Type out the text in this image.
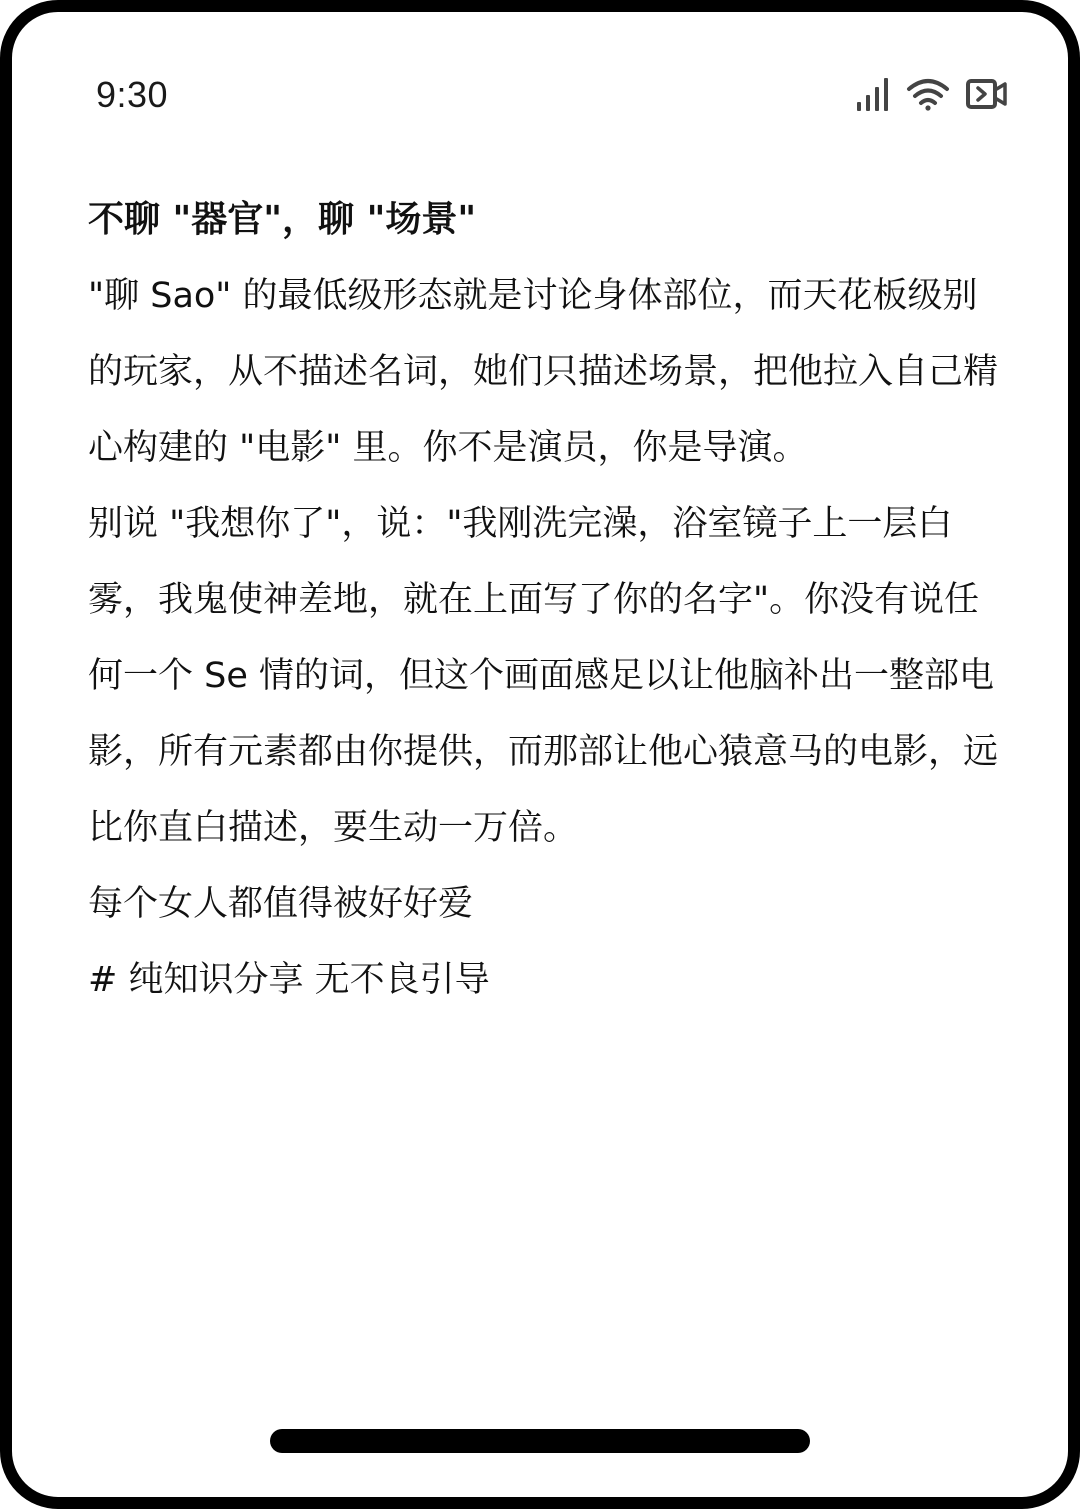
9:30

不聊 "器官"，聊 "场景"

"聊 Sao" 的最低级形态就是讨论身体部位，而天花板级别的玩家，从不描述名词，她们只描述场景，把他拉入自己精心构建的 "电影" 里。你不是演员，你是导演。

别说 "我想你了"，说："我刚洗完澡，浴室镜子上一层白雾，我鬼使神差地，就在上面写了你的名字"。你没有说任何一个 Se 情的词，但这个画面感足以让他脑补出一整部电影，所有元素都由你提供，而那部让他心猿意马的电影，远比你直白描述，要生动一万倍。

每个女人都值得被好好爱

# 纯知识分享 无不良引导
